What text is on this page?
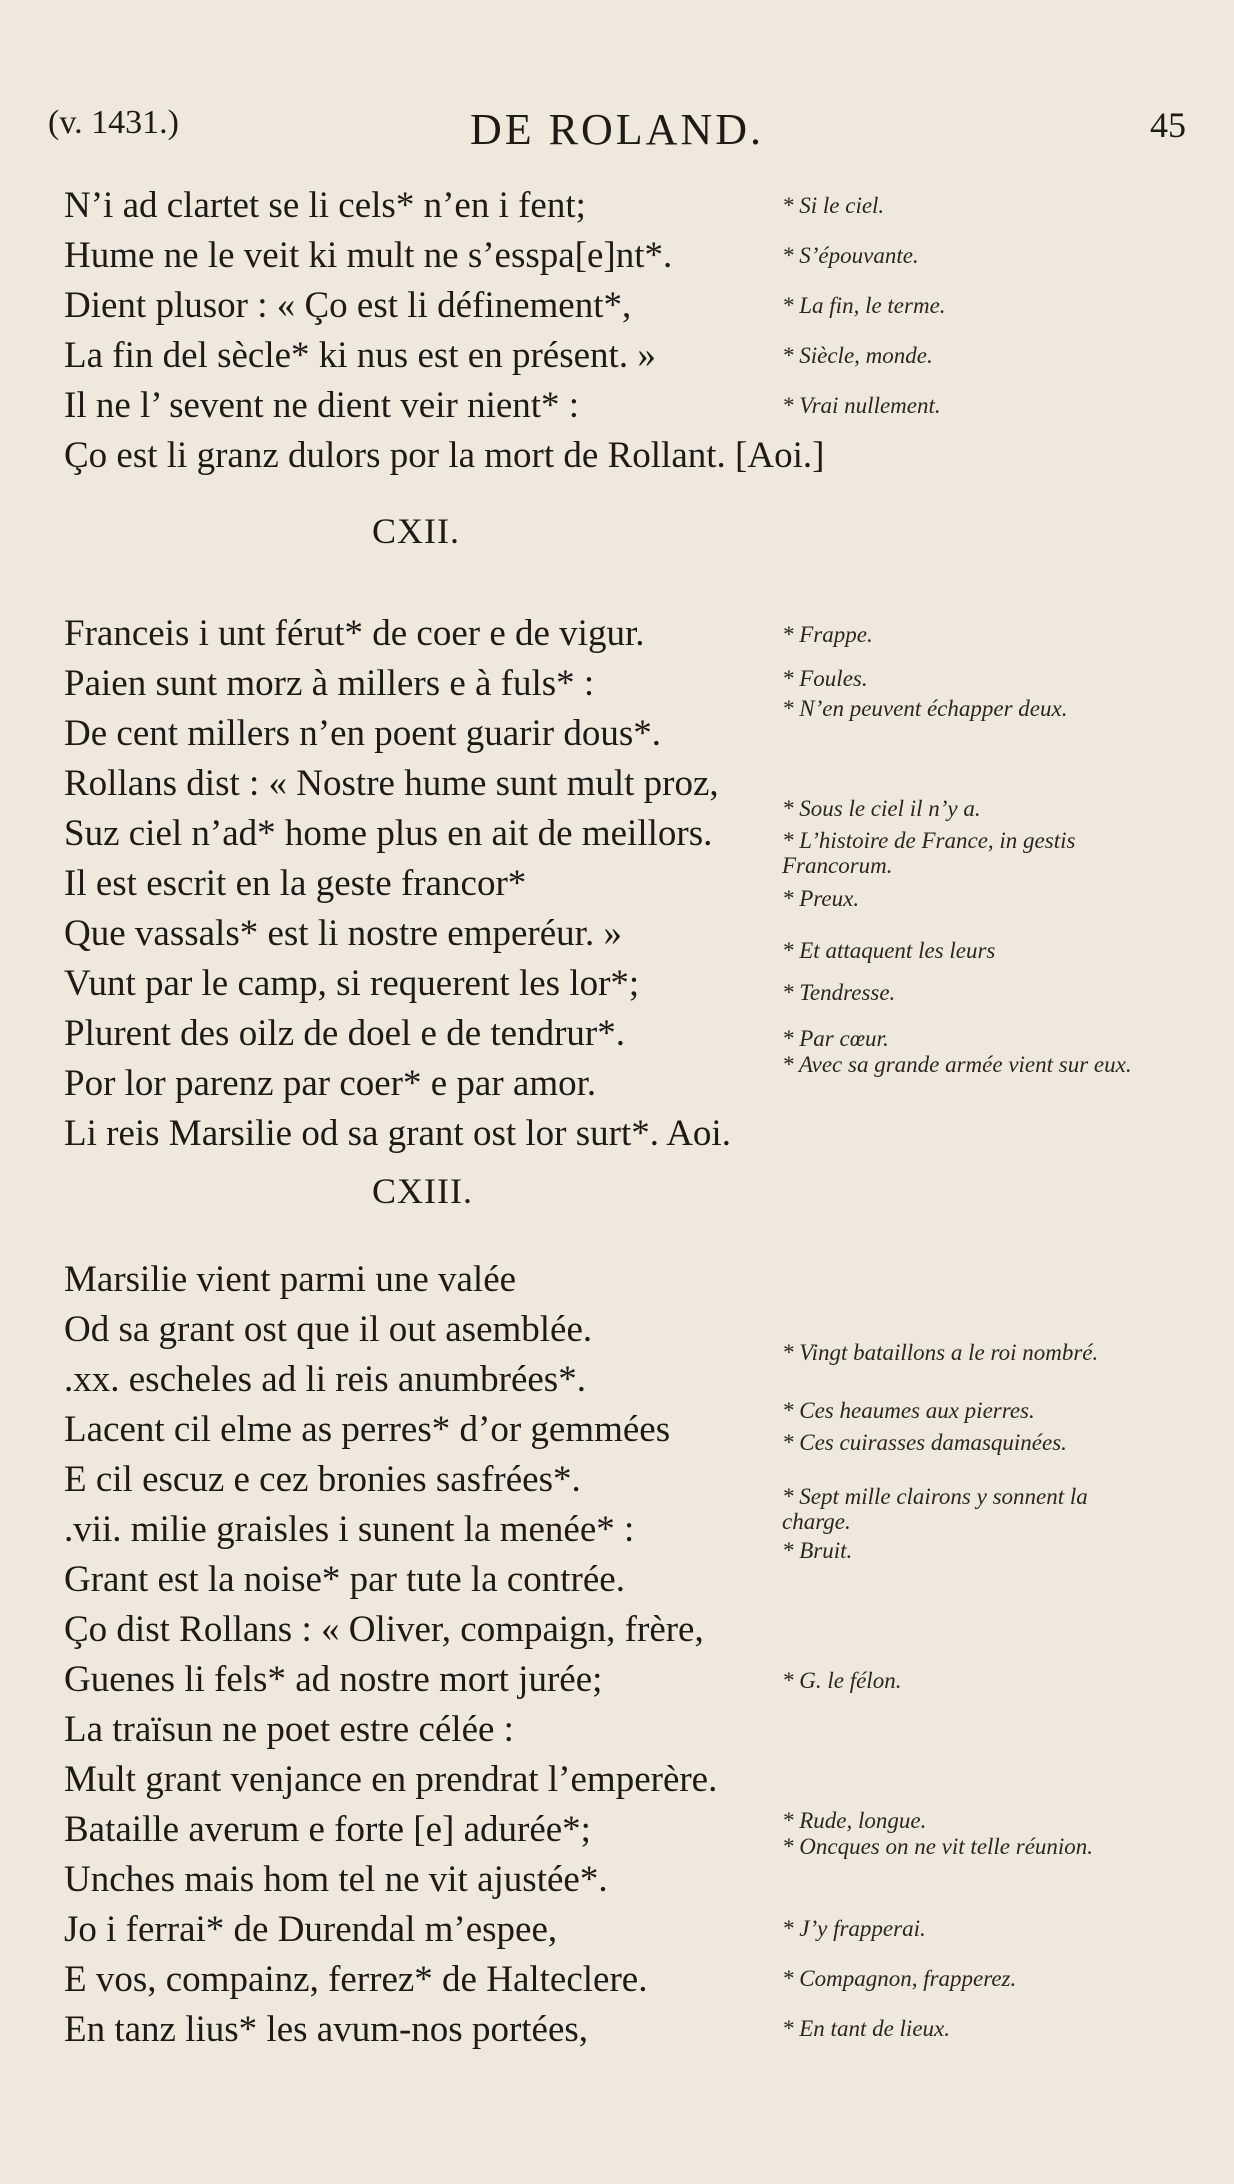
(v. 1431.)	DE ROLAND.	45
N’i ad clartet se li cels* n’en i fent;
Hume ne le veit ki mult ne s’esspa[e]nt*.
Dient plusor : « Ço est li définement*,
La fin del sècle* ki nus est en présent. »
Il ne l’ sevent ne dient veir nient* :
Ço est li granz dulors por la mort de Rollant. [Aoi.]
* Si le ciel.
* S’épouvante.
* La fin, le terme.
* Siècle, monde.
* Vrai nullement.
CXII.
Franceis i unt férut* de coer e de vigur.
Paien sunt morz à millers e à fuls* :
De cent millers n’en poent guarir dous*.
Rollans dist : « Nostre hume sunt mult proz,
Suz ciel n’ad* home plus en ait de meillors.
Il est escrit en la geste francor*
Que vassals* est li nostre emperéur. »
Vunt par le camp, si requerent les lor*;
Plurent des oilz de doel e de tendrur*.
Por lor parenz par coer* e par amor.
Li reis Marsilie od sa grant ost lor surt*. Aoi.
* Frappe.
* Foules.
* N’en peuvent échapper deux.
* Sous le ciel il n’y a.
* L’histoire de France, in gestis Francorum.
* Preux.
* Et attaquent les leurs
* Tendresse.
* Par cœur.
* Avec sa grande armée vient sur eux.
CXIII.
Marsilie vient parmi une valée
Od sa grant ost que il out asemblée.
.xx. escheles ad li reis anumbrées*.
Lacent cil elme as perres* d’or gemmées
E cil escuz e cez bronies sasfrées*.
.vii. milie graisles i sunent la menée* :
Grant est la noise* par tute la contrée.
Ço dist Rollans : « Oliver, compaign, frère,
Guenes li fels* ad nostre mort jurée;
La traïsun ne poet estre célée :
Mult grant venjance en prendrat l’emperère.
Bataille averum e forte [e] adurée*;
Unches mais hom tel ne vit ajustée*.
Jo i ferrai* de Durendal m’espee,
E vos, compainz, ferrez* de Halteclere.
En tanz lius* les avum-nos portées,
* Vingt bataillons a le roi nombré.
* Ces heaumes aux pierres.
* Ces cuirasses damasquinées.
* Sept mille clairons y sonnent la charge.
* Bruit.
* G. le félon.
* Rude, longue.
* Oncques on ne vit telle réunion.
* J’y frapperai.
* Compagnon, frapperez.
* En tant de lieux.
